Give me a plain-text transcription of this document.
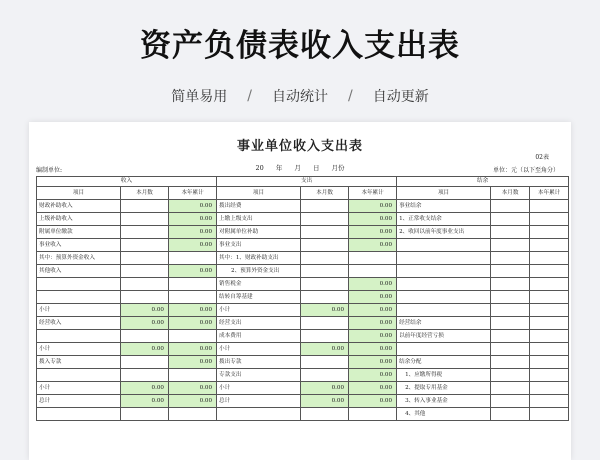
资产负债表收入支出表
简单易用 / 自动统计 / 自动更新
事业单位收入支出表
02表
编制单位:	20 年 月 日 月份	单位：元（以下至角分）
收入			支出			结余		
项目	本月数	本年累计	项目	本月数	本年累计	项目	本月数	本年累计
财政补助收入		0.00	拨出经费		0.00	事业结余		
上级补助收入		0.00	上缴上级支出		0.00	1、正常收支结余		
附属单位缴款		0.00	对附属单位补助		0.00	2、收回以前年度事业支出		
事业收入		0.00	事业支出		0.00			
其中：预算外资金收入			其中：1、财政补助支出					
其他收入		0.00	2、预算外资金支出					
			销售税金		0.00			
			结转自筹基建		0.00			
小计	0.00	0.00	小计	0.00	0.00			
经营收入	0.00	0.00	经营支出		0.00	经营结余		
			成本费用		0.00	以前年度经营亏损		
小计	0.00	0.00	小计	0.00	0.00			
拨入专款		0.00	拨出专款		0.00	结余分配		
			专款支出		0.00	1、应缴所得税		
小计	0.00	0.00	小计	0.00	0.00	2、提取专用基金		
总计	0.00	0.00	总计	0.00	0.00	3、转入事业基金		
						4、其他		
